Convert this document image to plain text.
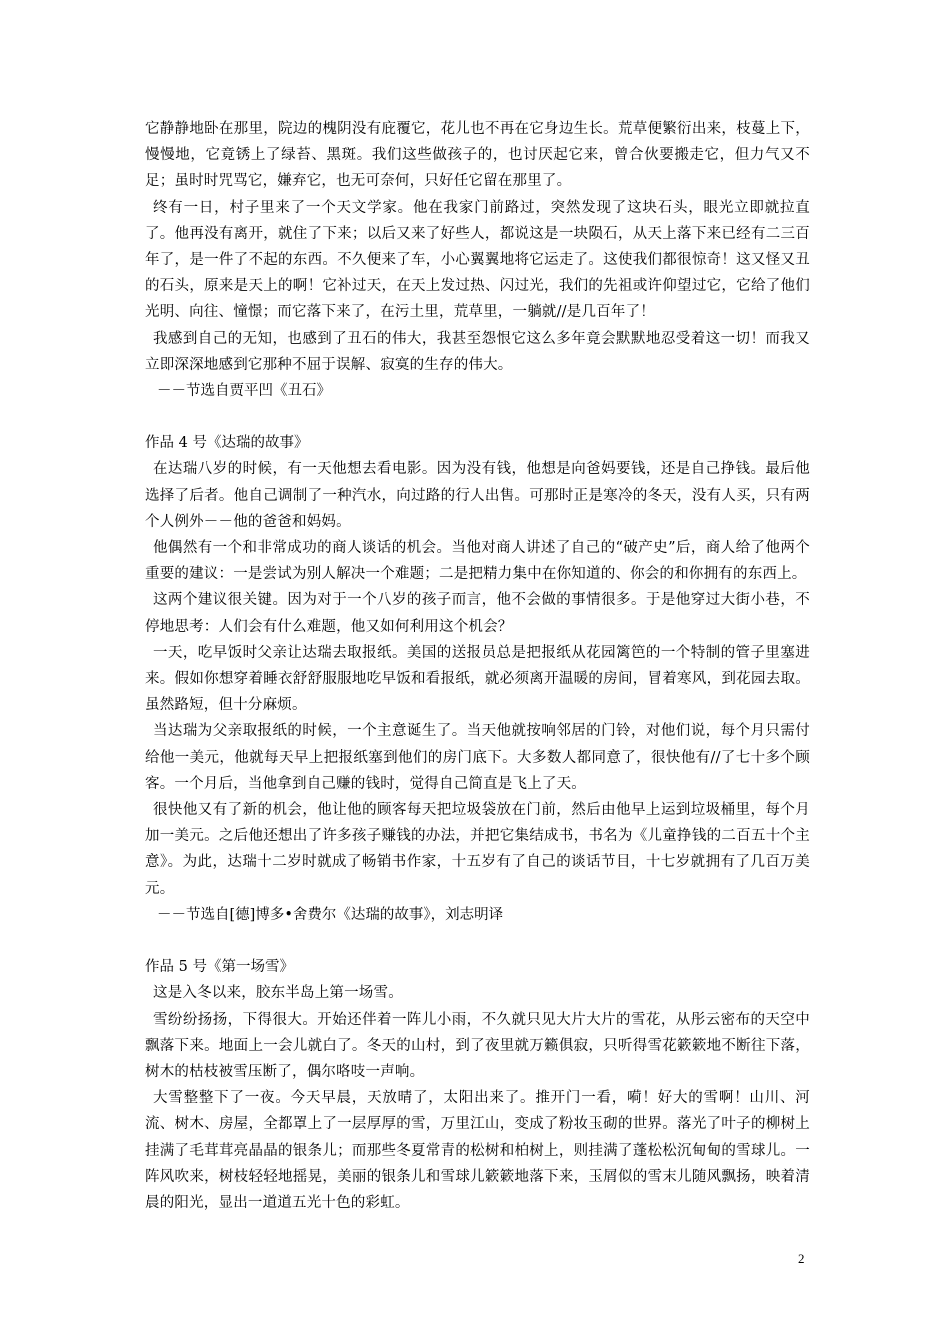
它静静地卧在那里，院边的槐阴没有庇覆它，花儿也不再在它身边生长。荒草便繁衍出来，枝蔓上下，慢慢地，它竟锈上了绿苔、黑斑。我们这些做孩子的，也讨厌起它来，曾合伙要搬走它，但力气又不足；虽时时咒骂它，嫌弃它，也无可奈何，只好任它留在那里了。

终有一日，村子里来了一个天文学家。他在我家门前路过，突然发现了这块石头，眼光立即就拉直了。他再没有离开，就住了下来；以后又来了好些人，都说这是一块陨石，从天上落下来已经有二三百年了，是一件了不起的东西。不久便来了车，小心翼翼地将它运走了。这使我们都很惊奇！这又怪又丑的石头，原来是天上的啊！它补过天，在天上发过热、闪过光，我们的先祖或许仰望过它，它给了他们光明、向往、憧憬；而它落下来了，在污土里，荒草里，一躺就//是几百年了！

我感到自己的无知，也感到了丑石的伟大，我甚至怨恨它这么多年竟会默默地忍受着这一切！而我又立即深深地感到它那种不屈于误解、寂寞的生存的伟大。

－－节选自贾平凹《丑石》

作品 4 号《达瑞的故事》

在达瑞八岁的时候，有一天他想去看电影。因为没有钱，他想是向爸妈要钱，还是自己挣钱。最后他选择了后者。他自己调制了一种汽水，向过路的行人出售。可那时正是寒冷的冬天，没有人买，只有两个人例外－－他的爸爸和妈妈。

他偶然有一个和非常成功的商人谈话的机会。当他对商人讲述了自己的“破产史”后，商人给了他两个重要的建议：一是尝试为别人解决一个难题；二是把精力集中在你知道的、你会的和你拥有的东西上。

这两个建议很关键。因为对于一个八岁的孩子而言，他不会做的事情很多。于是他穿过大街小巷，不停地思考：人们会有什么难题，他又如何利用这个机会？

一天，吃早饭时父亲让达瑞去取报纸。美国的送报员总是把报纸从花园篱笆的一个特制的管子里塞进来。假如你想穿着睡衣舒舒服服地吃早饭和看报纸，就必须离开温暖的房间，冒着寒风，到花园去取。虽然路短，但十分麻烦。

当达瑞为父亲取报纸的时候，一个主意诞生了。当天他就按响邻居的门铃，对他们说，每个月只需付给他一美元，他就每天早上把报纸塞到他们的房门底下。大多数人都同意了，很快他有//了七十多个顾客。一个月后，当他拿到自己赚的钱时，觉得自己简直是飞上了天。

很快他又有了新的机会，他让他的顾客每天把垃圾袋放在门前，然后由他早上运到垃圾桶里，每个月加一美元。之后他还想出了许多孩子赚钱的办法，并把它集结成书，书名为《儿童挣钱的二百五十个主意》。为此，达瑞十二岁时就成了畅销书作家，十五岁有了自己的谈话节目，十七岁就拥有了几百万美元。

－－节选自[德]博多•舍费尔《达瑞的故事》，刘志明译

作品 5 号《第一场雪》

这是入冬以来，胶东半岛上第一场雪。

雪纷纷扬扬，下得很大。开始还伴着一阵儿小雨，不久就只见大片大片的雪花，从彤云密布的天空中飘落下来。地面上一会儿就白了。冬天的山村，到了夜里就万籁俱寂，只听得雪花簌簌地不断往下落，树木的枯枝被雪压断了，偶尔咯吱一声响。

大雪整整下了一夜。今天早晨，天放晴了，太阳出来了。推开门一看，嗬！好大的雪啊！山川、河流、树木、房屋，全都罩上了一层厚厚的雪，万里江山，变成了粉妆玉砌的世界。落光了叶子的柳树上挂满了毛茸茸亮晶晶的银条儿；而那些冬夏常青的松树和柏树上，则挂满了蓬松松沉甸甸的雪球儿。一阵风吹来，树枝轻轻地摇晃，美丽的银条儿和雪球儿簌簌地落下来，玉屑似的雪末儿随风飘扬，映着清晨的阳光，显出一道道五光十色的彩虹。

2
